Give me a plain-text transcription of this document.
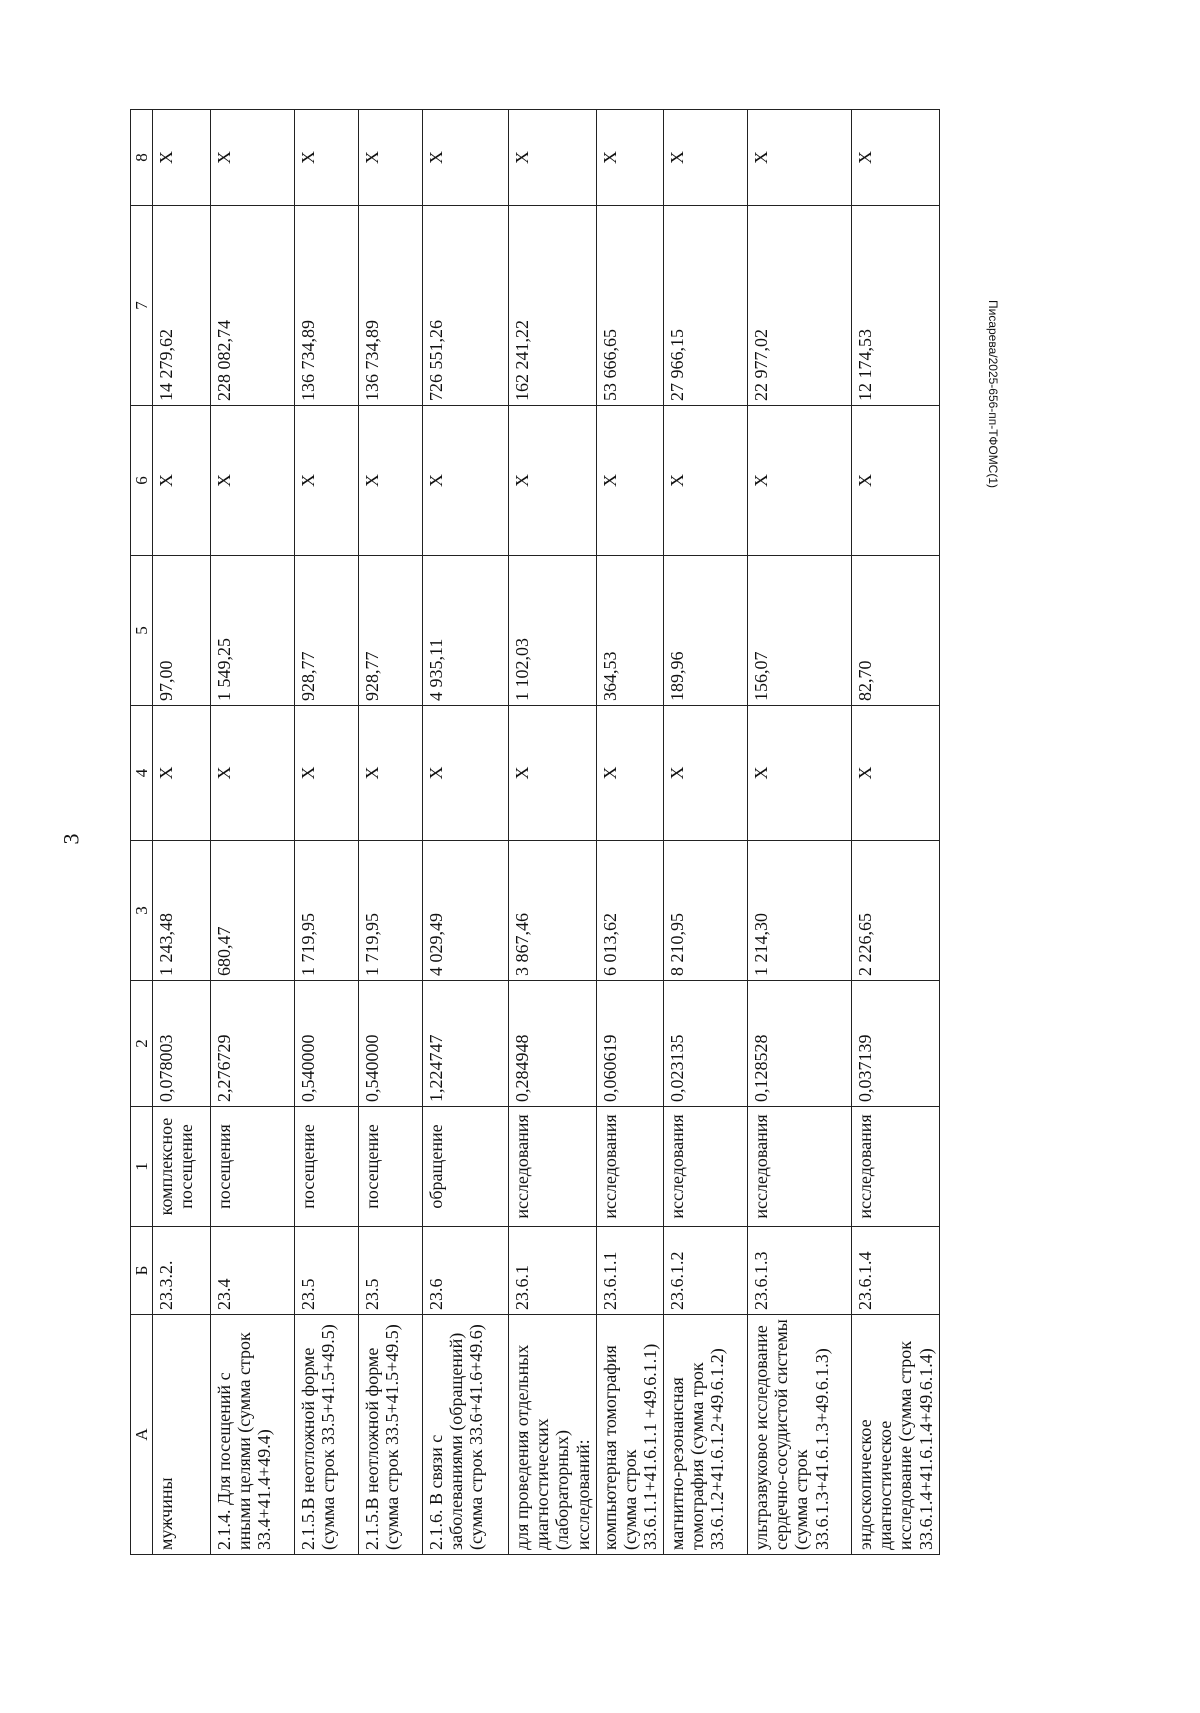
3
Писарева/2025-656-пп-ТФОМС(1)
А	Б	1	2	3	4	5	6	7	8
мужчины	23.3.2.	комплексное посещение	0,078003	1 243,48	X	97,00	X	14 279,62	X
2.1.4. Для посещений с иными целями (сумма строк 33.4+41.4+49.4)	23.4	посещения	2,276729	680,47	X	1 549,25	X	228 082,74	X
2.1.5.В неотложной форме (сумма строк 33.5+41.5+49.5)	23.5	посещение	0,540000	1 719,95	X	928,77	X	136 734,89	X
2.1.5.В неотложной форме (сумма строк 33.5+41.5+49.5)	23.5	посещение	0,540000	1 719,95	X	928,77	X	136 734,89	X
2.1.6. В связи с заболеваниями (обращений) (сумма строк 33.6+41.6+49.6)	23.6	обращение	1,224747	4 029,49	X	4 935,11	X	726 551,26	X
для проведения отдельных диагностических (лабораторных) исследований:	23.6.1	исследования	0,284948	3 867,46	X	1 102,03	X	162 241,22	X
компьютерная томография (сумма строк 33.6.1.1+41.6.1.1 +49.6.1.1)	23.6.1.1	исследования	0,060619	6 013,62	X	364,53	X	53 666,65	X
магнитно-резонансная томография (сумма трок 33.6.1.2+41.6.1.2+49.6.1.2)	23.6.1.2	исследования	0,023135	8 210,95	X	189,96	X	27 966,15	X
ультразвуковое исследование сердечно-сосудистой системы (сумма строк 33.6.1.3+41.6.1.3+49.6.1.3)	23.6.1.3	исследования	0,128528	1 214,30	X	156,07	X	22 977,02	X
эндоскопическое диагностическое исследование (сумма строк 33.6.1.4+41.6.1.4+49.6.1.4)	23.6.1.4	исследования	0,037139	2 226,65	X	82,70	X	12 174,53	X
